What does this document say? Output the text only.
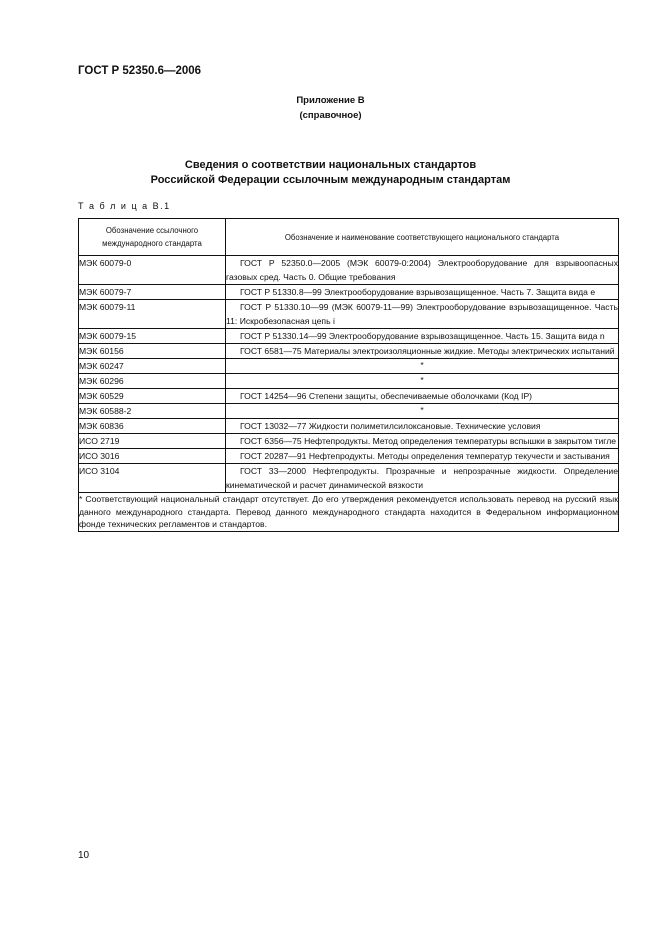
ГОСТ Р 52350.6—2006
Приложение В
(справочное)
Сведения о соответствии национальных стандартов
Российской Федерации ссылочным международным стандартам
Т а б л и ц а В.1
Обозначение ссылочного международного стандарта	Обозначение и наименование соответствующего национального стандарта
МЭК 60079-0	ГОСТ Р 52350.0—2005 (МЭК 60079-0:2004) Электрооборудование для взрывоопасных газовых сред. Часть 0. Общие требования
МЭК 60079-7	ГОСТ Р 51330.8—99 Электрооборудование взрывозащищенное. Часть 7. Защита вида e
МЭК 60079-11	ГОСТ Р 51330.10—99 (МЭК 60079-11—99) Электрооборудование взрывозащищенное. Часть 11: Искробезопасная цепь i
МЭК 60079-15	ГОСТ Р 51330.14—99 Электрооборудование взрывозащищенное. Часть 15. Защита вида n
МЭК 60156	ГОСТ 6581—75 Материалы электроизоляционные жидкие. Методы электрических испытаний
МЭК 60247	*
МЭК 60296	*
МЭК 60529	ГОСТ 14254—96 Степени защиты, обеспечиваемые оболочками (Код IP)
МЭК 60588-2	*
МЭК 60836	ГОСТ 13032—77 Жидкости полиметилсилоксановые. Технические условия
ИСО 2719	ГОСТ 6356—75 Нефтепродукты. Метод определения температуры вспышки в закрытом тигле
ИСО 3016	ГОСТ 20287—91 Нефтепродукты. Методы определения температур текучести и застывания
ИСО 3104	ГОСТ 33—2000 Нефтепродукты. Прозрачные и непрозрачные жидкости. Определение кинематической и расчет динамической вязкости
* Соответствующий национальный стандарт отсутствует. До его утверждения рекомендуется использовать перевод на русский язык данного международного стандарта. Перевод данного международного стандарта находится в Федеральном информационном фонде технических регламентов и стандартов.	
10
